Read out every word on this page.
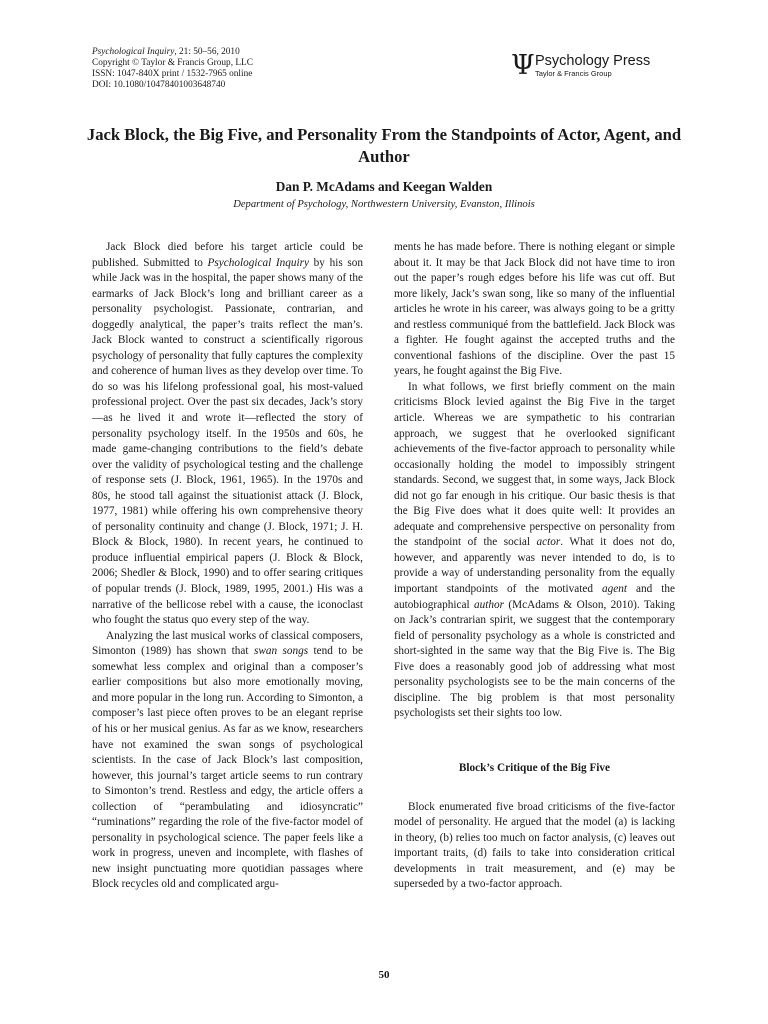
Psychological Inquiry, 21: 50–56, 2010
Copyright © Taylor & Francis Group, LLC
ISSN: 1047-840X print / 1532-7965 online
DOI: 10.1080/10478401003648740
Ψ Psychology Press
Taylor & Francis Group
Jack Block, the Big Five, and Personality From the Standpoints of Actor, Agent, and Author
Dan P. McAdams and Keegan Walden
Department of Psychology, Northwestern University, Evanston, Illinois

Jack Block died before his target article could be published. Submitted to Psychological Inquiry by his son while Jack was in the hospital, the paper shows many of the earmarks of Jack Block’s long and brilliant career as a personality psychologist. Passionate, contrarian, and doggedly analytical, the paper’s traits reflect the man’s. Jack Block wanted to construct a scientifically rigorous psychology of personality that fully captures the complexity and coherence of human lives as they develop over time. To do so was his lifelong professional goal, his most-valued professional project. Over the past six decades, Jack’s story—as he lived it and wrote it—reflected the story of personality psychology itself. In the 1950s and 60s, he made game-changing contributions to the field’s debate over the validity of psychological testing and the challenge of response sets (J. Block, 1961, 1965). In the 1970s and 80s, he stood tall against the situationist attack (J. Block, 1977, 1981) while offering his own comprehensive theory of personality continuity and change (J. Block, 1971; J. H. Block & Block, 1980). In recent years, he continued to produce influential empirical papers (J. Block & Block, 2006; Shedler & Block, 1990) and to offer searing critiques of popular trends (J. Block, 1989, 1995, 2001.) His was a narrative of the bellicose rebel with a cause, the iconoclast who fought the status quo every step of the way.

Analyzing the last musical works of classical composers, Simonton (1989) has shown that swan songs tend to be somewhat less complex and original than a composer’s earlier compositions but also more emotionally moving, and more popular in the long run. According to Simonton, a composer’s last piece often proves to be an elegant reprise of his or her musical genius. As far as we know, researchers have not examined the swan songs of psychological scientists. In the case of Jack Block’s last composition, however, this journal’s target article seems to run contrary to Simonton’s trend. Restless and edgy, the article offers a collection of “perambulating and idiosyncratic” “ruminations” regarding the role of the five-factor model of personality in psychological science. The paper feels like a work in progress, uneven and incomplete, with flashes of new insight punctuating more quotidian passages where Block recycles old and complicated argu-

ments he has made before. There is nothing elegant or simple about it. It may be that Jack Block did not have time to iron out the paper’s rough edges before his life was cut off. But more likely, Jack’s swan song, like so many of the influential articles he wrote in his career, was always going to be a gritty and restless communiqué from the battlefield. Jack Block was a fighter. He fought against the accepted truths and the conventional fashions of the discipline. Over the past 15 years, he fought against the Big Five.

In what follows, we first briefly comment on the main criticisms Block levied against the Big Five in the target article. Whereas we are sympathetic to his contrarian approach, we suggest that he overlooked significant achievements of the five-factor approach to personality while occasionally holding the model to impossibly stringent standards. Second, we suggest that, in some ways, Jack Block did not go far enough in his critique. Our basic thesis is that the Big Five does what it does quite well: It provides an adequate and comprehensive perspective on personality from the standpoint of the social actor. What it does not do, however, and apparently was never intended to do, is to provide a way of understanding personality from the equally important standpoints of the motivated agent and the autobiographical author (McAdams & Olson, 2010). Taking on Jack’s contrarian spirit, we suggest that the contemporary field of personality psychology as a whole is constricted and short-sighted in the same way that the Big Five is. The Big Five does a reasonably good job of addressing what most personality psychologists see to be the main concerns of the discipline. The big problem is that most personality psychologists set their sights too low.

Block’s Critique of the Big Five

Block enumerated five broad criticisms of the five-factor model of personality. He argued that the model (a) is lacking in theory, (b) relies too much on factor analysis, (c) leaves out important traits, (d) fails to take into consideration critical developments in trait measurement, and (e) may be superseded by a two-factor approach.

50
